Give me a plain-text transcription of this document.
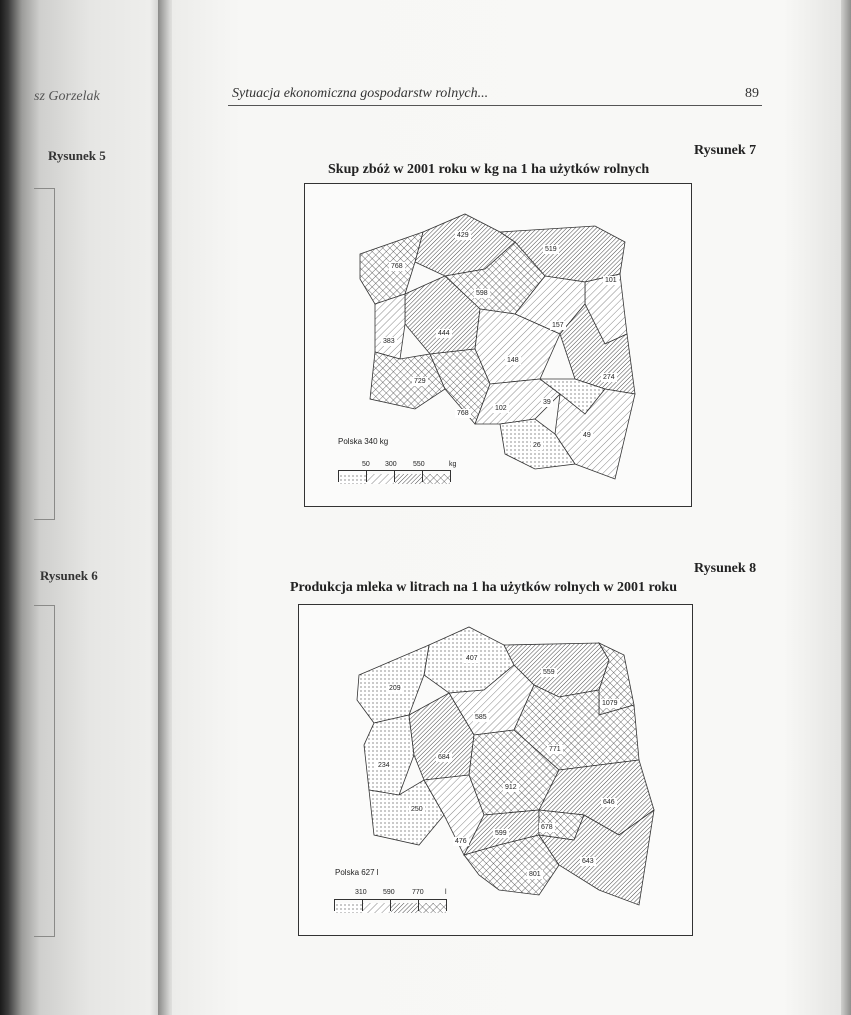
sz Gorzelak
Rysunek 5
Rysunek 6
Sytuacja ekonomiczna gospodarstw rolnych...	89
Rysunek 7
Skup zbóż w 2001 roku w kg na 1 ha użytków rolnych
429
519
768
101
598
444
383
157
148
274
729
768
102
39
49
26
Polska 340 kg
50 300 550	kg
Rysunek 8
Produkcja mleka w litrach na 1 ha użytków rolnych w 2001 roku
407
559
209
1079
585
771
234
684
912
646
250
476
599
678
801
643
Polska 627 l
310 590 770	l
